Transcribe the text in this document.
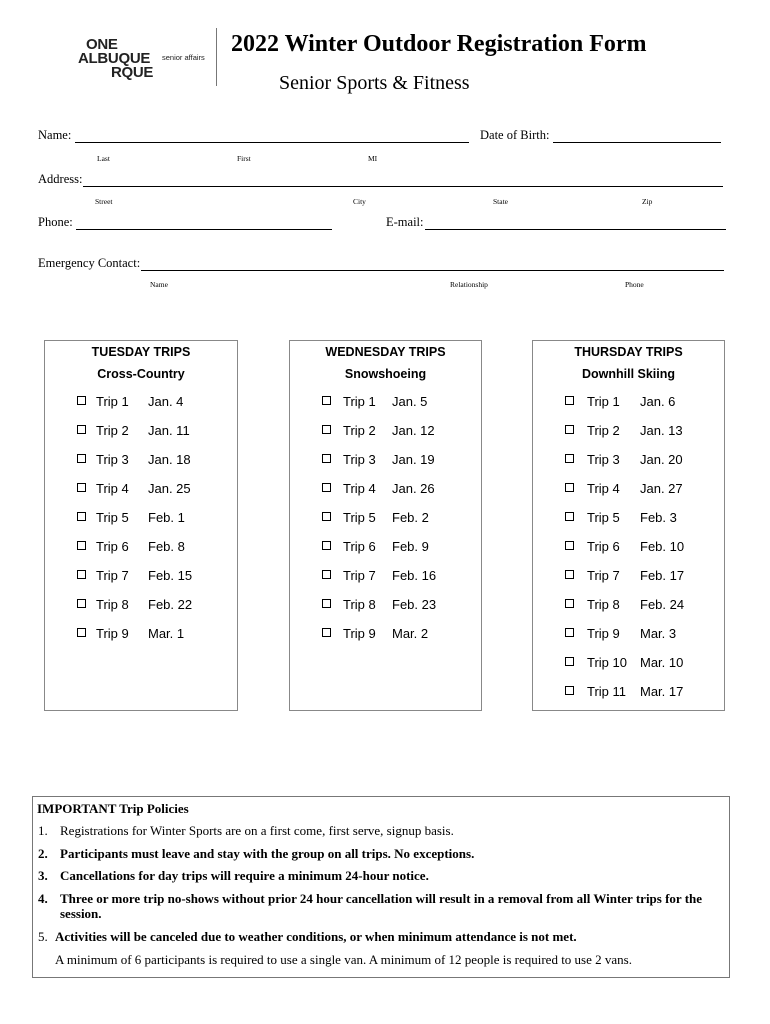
ONE
ALBUQUE
RQUE
senior affairs
2022 Winter Outdoor Registration Form
Senior Sports & Fitness
Name:	Date of Birth:
Last	First	MI
Address:
Street	City	State	Zip
Phone:	E-mail:
Emergency Contact:
Name	Relationship	Phone
TUESDAY TRIPS
Cross-Country
Trip 1 Jan. 4
Trip 2 Jan. 11
Trip 3 Jan. 18
Trip 4 Jan. 25
Trip 5 Feb. 1
Trip 6 Feb. 8
Trip 7 Feb. 15
Trip 8 Feb. 22
Trip 9 Mar. 1
WEDNESDAY TRIPS
Snowshoeing
Trip 1 Jan. 5
Trip 2 Jan. 12
Trip 3 Jan. 19
Trip 4 Jan. 26
Trip 5 Feb. 2
Trip 6 Feb. 9
Trip 7 Feb. 16
Trip 8 Feb. 23
Trip 9 Mar. 2
THURSDAY TRIPS
Downhill Skiing
Trip 1 Jan. 6
Trip 2 Jan. 13
Trip 3 Jan. 20
Trip 4 Jan. 27
Trip 5 Feb. 3
Trip 6 Feb. 10
Trip 7 Feb. 17
Trip 8 Feb. 24
Trip 9 Mar. 3
Trip 10 Mar. 10
Trip 11 Mar. 17
IMPORTANT Trip Policies
1. Registrations for Winter Sports are on a first come, first serve, signup basis.
2. Participants must leave and stay with the group on all trips. No exceptions.
3. Cancellations for day trips will require a minimum 24-hour notice.
4. Three or more trip no-shows without prior 24 hour cancellation will result in a removal from all Winter trips for the session.
5. Activities will be canceled due to weather conditions, or when minimum attendance is not met.
A minimum of 6 participants is required to use a single van. A minimum of 12 people is required to use 2 vans.
